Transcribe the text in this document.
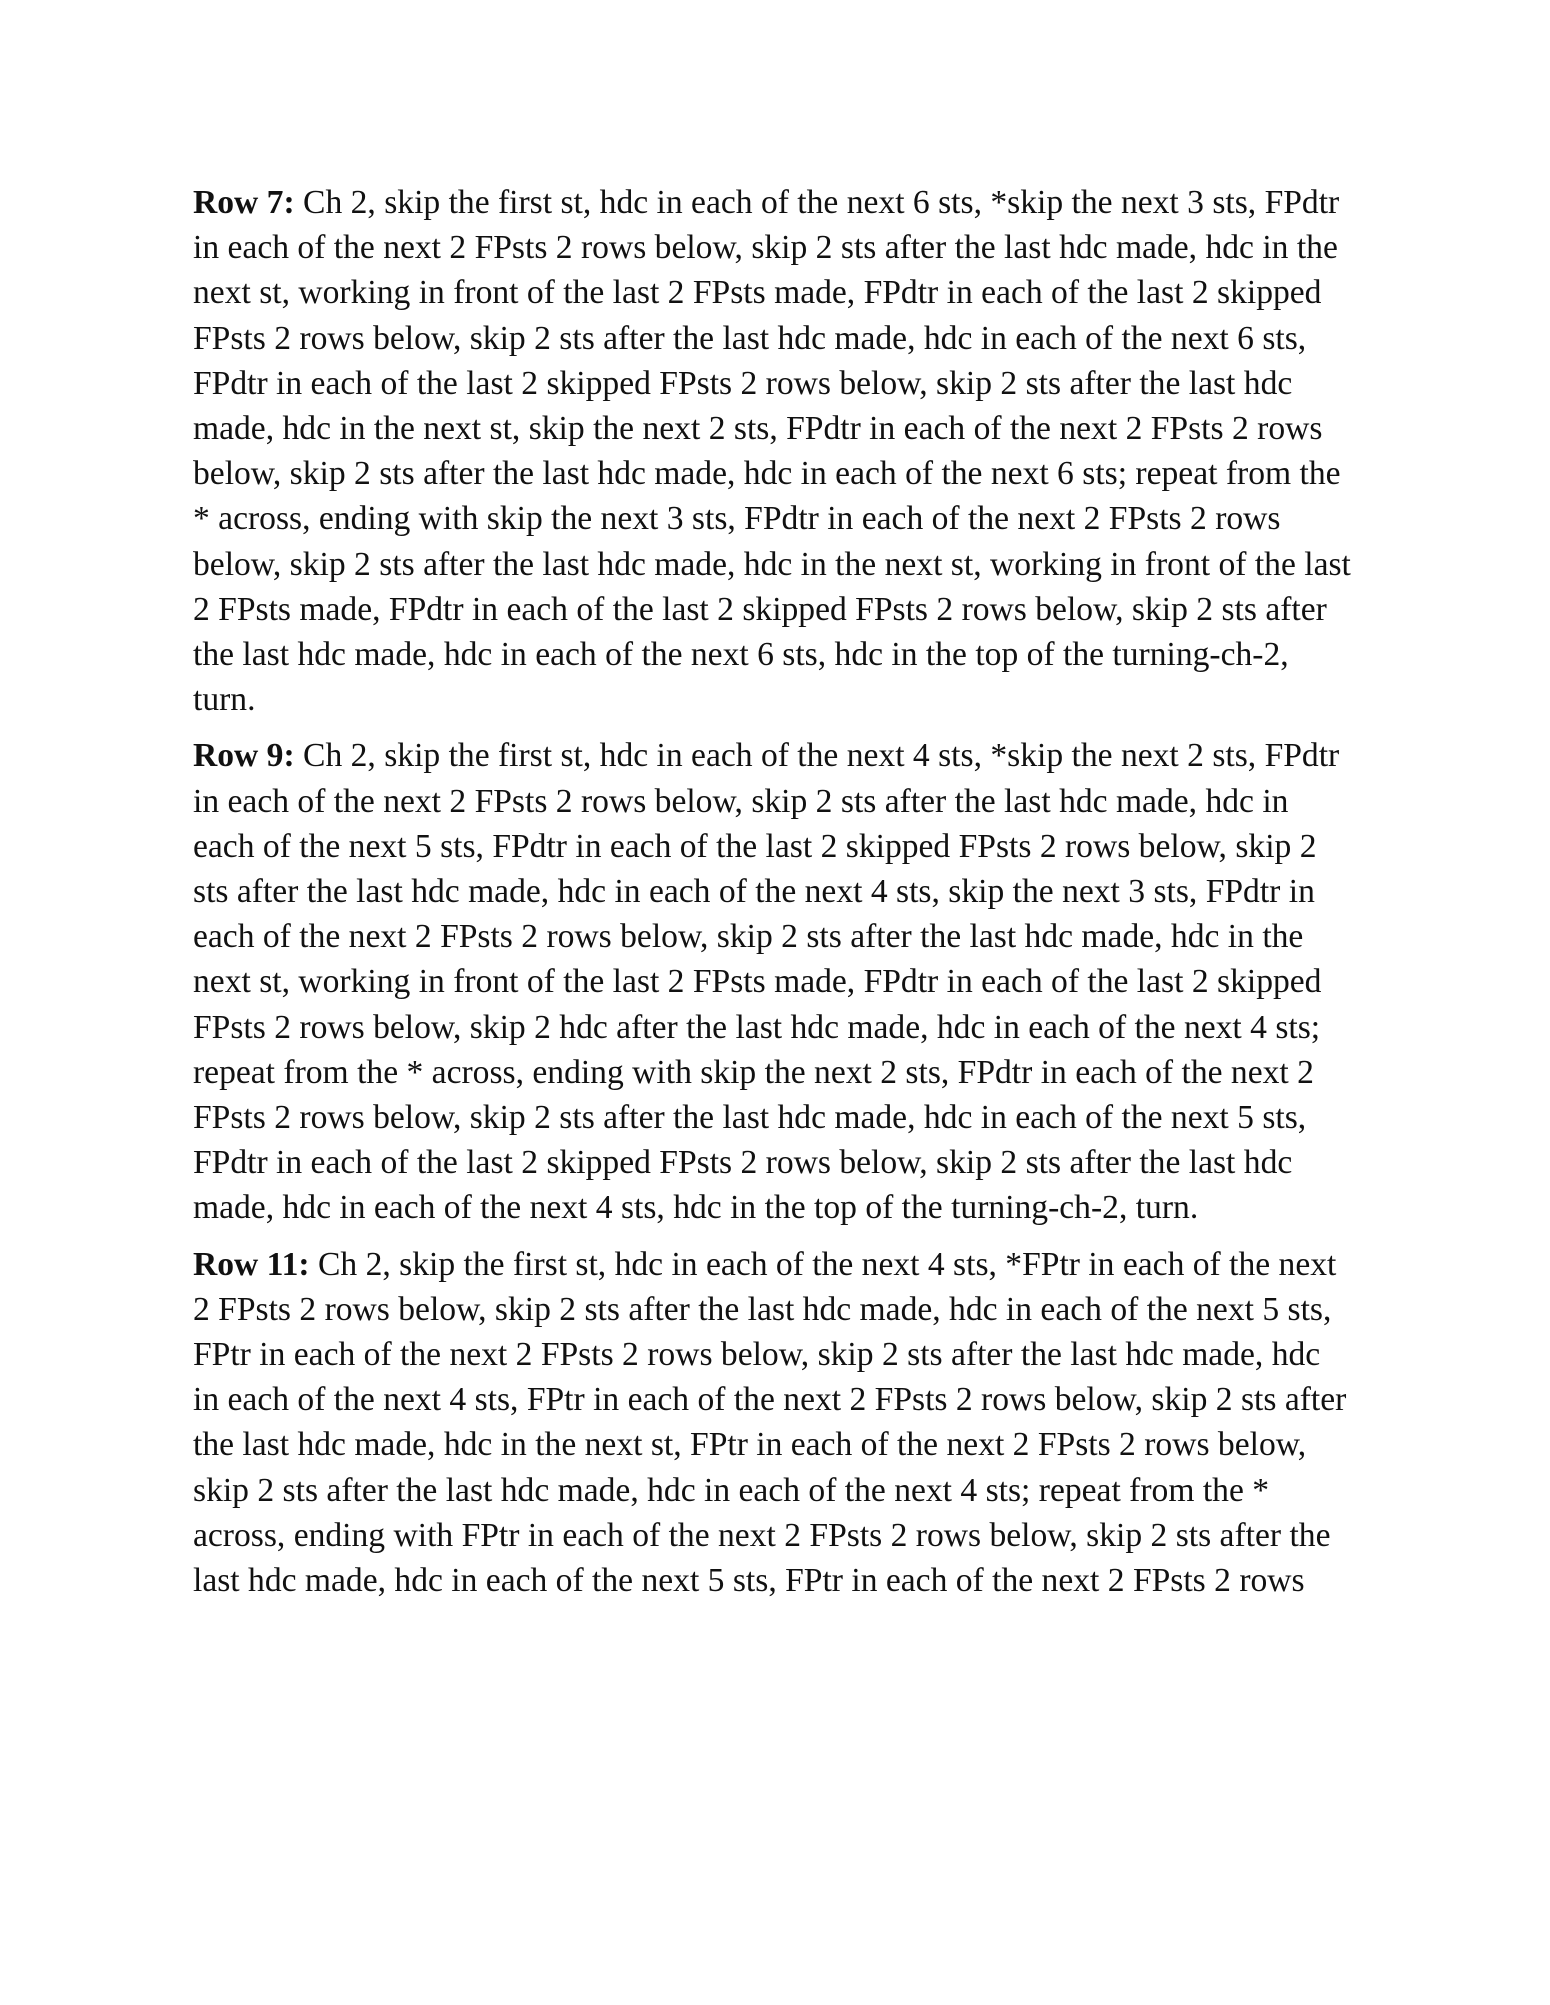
Row 7: Ch 2, skip the first st, hdc in each of the next 6 sts, *skip the next 3 sts, FPdtr in each of the next 2 FPsts 2 rows below, skip 2 sts after the last hdc made, hdc in the next st, working in front of the last 2 FPsts made, FPdtr in each of the last 2 skipped FPsts 2 rows below, skip 2 sts after the last hdc made, hdc in each of the next 6 sts, FPdtr in each of the last 2 skipped FPsts 2 rows below, skip 2 sts after the last hdc made, hdc in the next st, skip the next 2 sts, FPdtr in each of the next 2 FPsts 2 rows below, skip 2 sts after the last hdc made, hdc in each of the next 6 sts; repeat from the * across, ending with skip the next 3 sts, FPdtr in each of the next 2 FPsts 2 rows below, skip 2 sts after the last hdc made, hdc in the next st, working in front of the last 2 FPsts made, FPdtr in each of the last 2 skipped FPsts 2 rows below, skip 2 sts after the last hdc made, hdc in each of the next 6 sts, hdc in the top of the turning-ch-2, turn.

Row 9: Ch 2, skip the first st, hdc in each of the next 4 sts, *skip the next 2 sts, FPdtr in each of the next 2 FPsts 2 rows below, skip 2 sts after the last hdc made, hdc in each of the next 5 sts, FPdtr in each of the last 2 skipped FPsts 2 rows below, skip 2 sts after the last hdc made, hdc in each of the next 4 sts, skip the next 3 sts, FPdtr in each of the next 2 FPsts 2 rows below, skip 2 sts after the last hdc made, hdc in the next st, working in front of the last 2 FPsts made, FPdtr in each of the last 2 skipped FPsts 2 rows below, skip 2 hdc after the last hdc made, hdc in each of the next 4 sts; repeat from the * across, ending with skip the next 2 sts, FPdtr in each of the next 2 FPsts 2 rows below, skip 2 sts after the last hdc made, hdc in each of the next 5 sts, FPdtr in each of the last 2 skipped FPsts 2 rows below, skip 2 sts after the last hdc made, hdc in each of the next 4 sts, hdc in the top of the turning-ch-2, turn.

Row 11: Ch 2, skip the first st, hdc in each of the next 4 sts, *FPtr in each of the next 2 FPsts 2 rows below, skip 2 sts after the last hdc made, hdc in each of the next 5 sts, FPtr in each of the next 2 FPsts 2 rows below, skip 2 sts after the last hdc made, hdc in each of the next 4 sts, FPtr in each of the next 2 FPsts 2 rows below, skip 2 sts after the last hdc made, hdc in the next st, FPtr in each of the next 2 FPsts 2 rows below, skip 2 sts after the last hdc made, hdc in each of the next 4 sts; repeat from the * across, ending with FPtr in each of the next 2 FPsts 2 rows below, skip 2 sts after the last hdc made, hdc in each of the next 5 sts, FPtr in each of the next 2 FPsts 2 rows
